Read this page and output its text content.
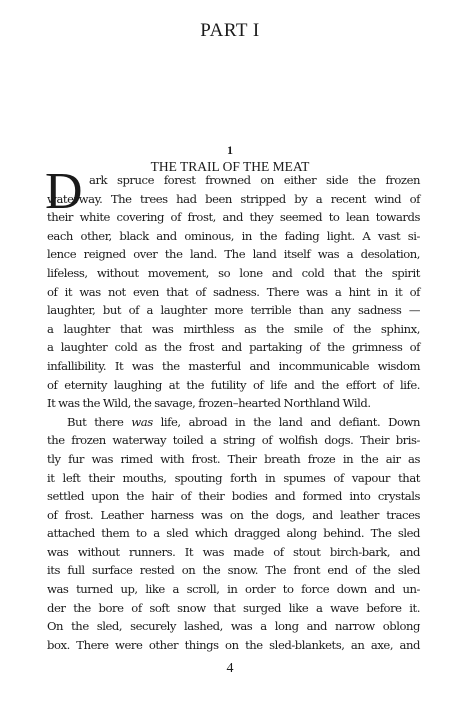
PART I
1
THE TRAIL OF THE MEAT
D ark spruce forest frowned on either side the frozen
waterway. The trees had been stripped by a recent wind of
their white covering of frost, and they seemed to lean towards
each other, black and ominous, in the fading light. A vast si-
lence reigned over the land. The land itself was a desolation,
lifeless, without movement, so lone and cold that the spirit
of it was not even that of sadness. There was a hint in it of
laughter, but of a laughter more terrible than any sadness —
a laughter that was mirthless as the smile of the sphinx,
a laughter cold as the frost and partaking of the grimness of
infallibility. It was the masterful and incommunicable wisdom
of eternity laughing at the futility of life and the effort of life.
It was the Wild, the savage, frozen–hearted Northland Wild.
But there was life, abroad in the land and defiant. Down
the frozen waterway toiled a string of wolfish dogs. Their bris-
tly fur was rimed with frost. Their breath froze in the air as
it left their mouths, spouting forth in spumes of vapour that
settled upon the hair of their bodies and formed into crystals
of frost. Leather harness was on the dogs, and leather traces
attached them to a sled which dragged along behind. The sled
was without runners. It was made of stout birch-bark, and
its full surface rested on the snow. The front end of the sled
was turned up, like a scroll, in order to force down and un-
der the bore of soft snow that surged like a wave before it.
On the sled, securely lashed, was a long and narrow oblong
box. There were other things on the sled-blankets, an axe, and
4
